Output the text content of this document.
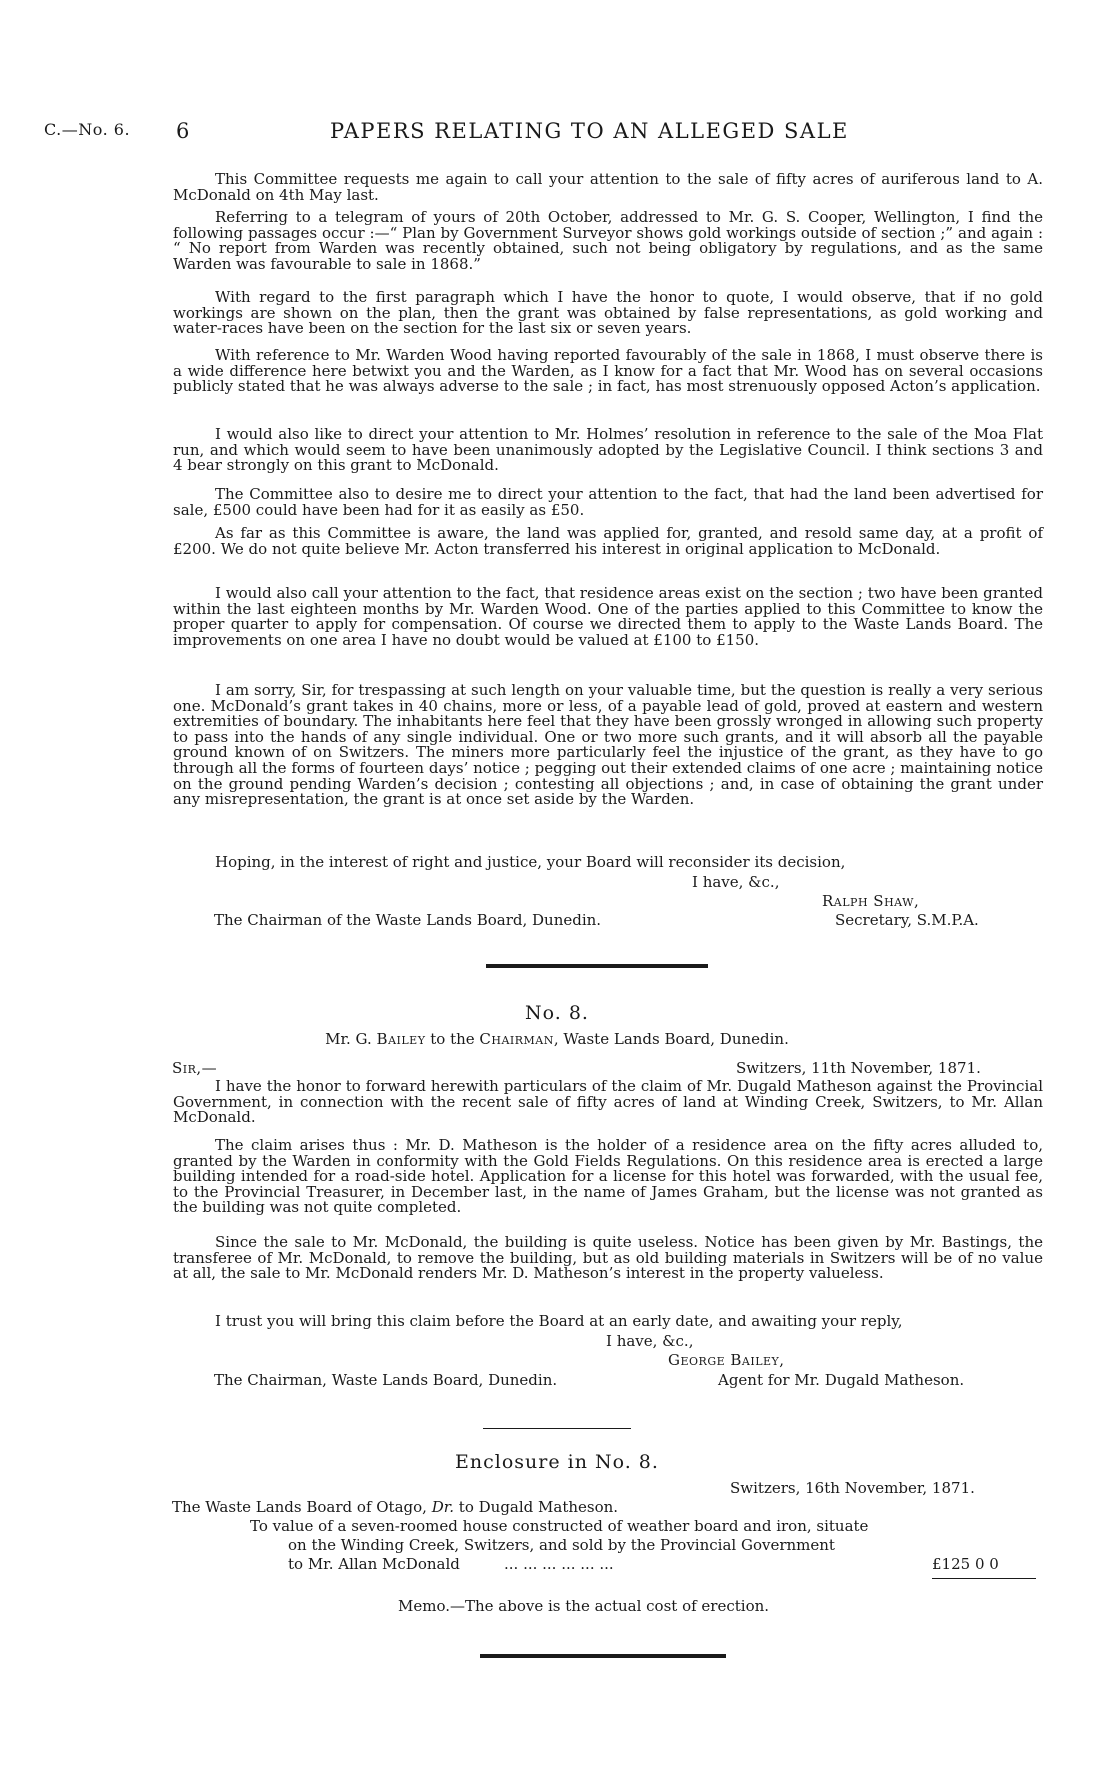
C.—No. 6. 6	PAPERS RELATING TO AN ALLEGED SALE

This Committee requests me again to call your attention to the sale of fifty acres of auriferous land to A. McDonald on 4th May last.

Referring to a telegram of yours of 20th October, addressed to Mr. G. S. Cooper, Wellington, I find the following passages occur :—“ Plan by Government Surveyor shows gold workings outside of section ;” and again : “ No report from Warden was recently obtained, such not being obligatory by regulations, and as the same Warden was favourable to sale in 1868.”

With regard to the first paragraph which I have the honor to quote, I would observe, that if no gold workings are shown on the plan, then the grant was obtained by false representations, as gold working and water-races have been on the section for the last six or seven years.

With reference to Mr. Warden Wood having reported favourably of the sale in 1868, I must observe there is a wide difference here betwixt you and the Warden, as I know for a fact that Mr. Wood has on several occasions publicly stated that he was always adverse to the sale ; in fact, has most strenuously opposed Acton’s application.

I would also like to direct your attention to Mr. Holmes’ resolution in reference to the sale of the Moa Flat run, and which would seem to have been unanimously adopted by the Legislative Council. I think sections 3 and 4 bear strongly on this grant to McDonald.

The Committee also to desire me to direct your attention to the fact, that had the land been advertised for sale, £500 could have been had for it as easily as £50.

As far as this Committee is aware, the land was applied for, granted, and resold same day, at a profit of £200. We do not quite believe Mr. Acton transferred his interest in original application to McDonald.

I would also call your attention to the fact, that residence areas exist on the section ; two have been granted within the last eighteen months by Mr. Warden Wood. One of the parties applied to this Committee to know the proper quarter to apply for compensation. Of course we directed them to apply to the Waste Lands Board. The improvements on one area I have no doubt would be valued at £100 to £150.

I am sorry, Sir, for trespassing at such length on your valuable time, but the question is really a very serious one. McDonald’s grant takes in 40 chains, more or less, of a payable lead of gold, proved at eastern and western extremities of boundary. The inhabitants here feel that they have been grossly wronged in allowing such property to pass into the hands of any single individual. One or two more such grants, and it will absorb all the payable ground known of on Switzers. The miners more particularly feel the injustice of the grant, as they have to go through all the forms of fourteen days’ notice ; pegging out their extended claims of one acre ; maintaining notice on the ground pending Warden’s decision ; contesting all objections ; and, in case of obtaining the grant under any misrepresentation, the grant is at once set aside by the Warden.

Hoping, in the interest of right and justice, your Board will reconsider its decision,

I have, &c.,
Ralph Shaw,
The Chairman of the Waste Lands Board, Dunedin.	Secretary, S.M.P.A.
No. 8.
Mr. G. Bailey to the Chairman, Waste Lands Board, Dunedin.
Sir,—	Switzers, 11th November, 1871.

I have the honor to forward herewith particulars of the claim of Mr. Dugald Matheson against the Provincial Government, in connection with the recent sale of fifty acres of land at Winding Creek, Switzers, to Mr. Allan McDonald.

The claim arises thus : Mr. D. Matheson is the holder of a residence area on the fifty acres alluded to, granted by the Warden in conformity with the Gold Fields Regulations. On this residence area is erected a large building intended for a road-side hotel. Application for a license for this hotel was forwarded, with the usual fee, to the Provincial Treasurer, in December last, in the name of James Graham, but the license was not granted as the building was not quite completed.

Since the sale to Mr. McDonald, the building is quite useless. Notice has been given by Mr. Bastings, the transferee of Mr. McDonald, to remove the building, but as old building materials in Switzers will be of no value at all, the sale to Mr. McDonald renders Mr. D. Matheson’s interest in the property valueless.

I trust you will bring this claim before the Board at an early date, and awaiting your reply,

I have, &c.,
George Bailey,
The Chairman, Waste Lands Board, Dunedin.	Agent for Mr. Dugald Matheson.
Enclosure in No. 8.
Switzers, 16th November, 1871.
The Waste Lands Board of Otago, Dr. to Dugald Matheson.
To value of a seven-roomed house constructed of weather board and iron, situate
on the Winding Creek, Switzers, and sold by the Provincial Government
to Mr. Allan McDonald	... ... ... ... ... ...	£125 0 0
Memo.—The above is the actual cost of erection.
